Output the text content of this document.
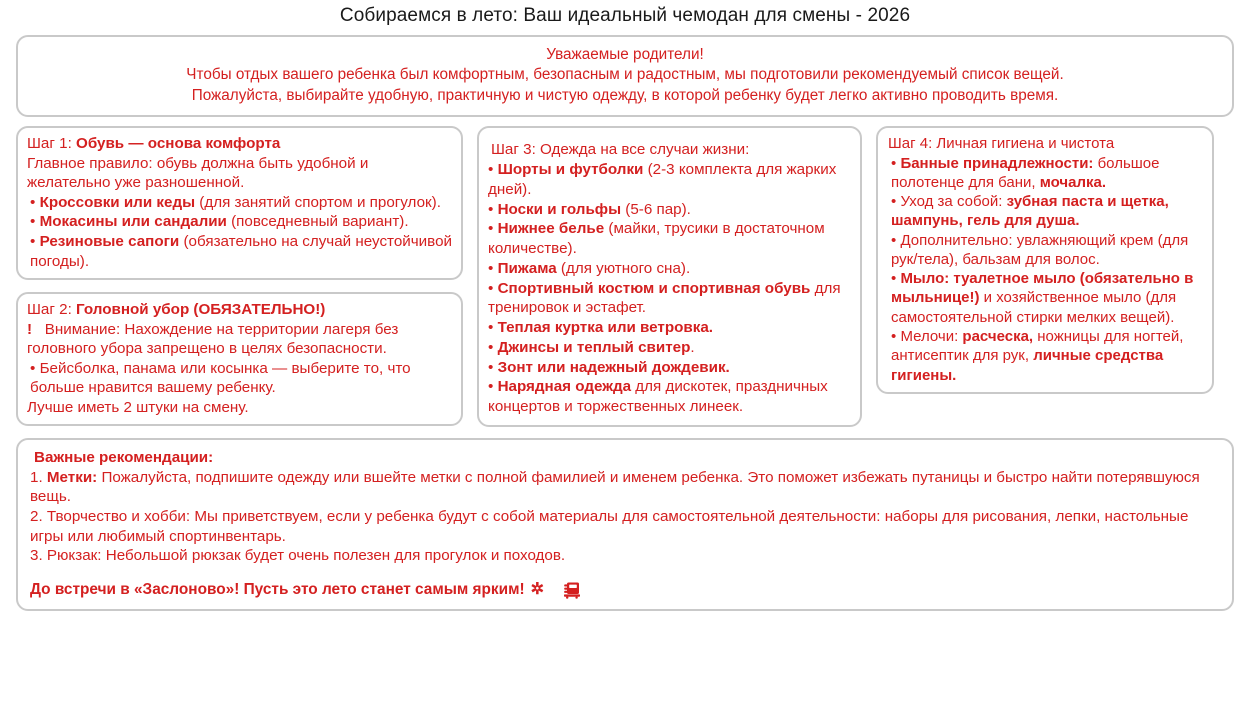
Собираемся в лето: Ваш идеальный чемодан для смены - 2026
Уважаемые родители!
Чтобы отдых вашего ребенка был комфортным, безопасным и радостным, мы подготовили рекомендуемый список вещей.
Пожалуйста, выбирайте удобную, практичную и чистую одежду, в которой ребенку будет легко активно проводить время.
Шаг 1: Обувь — основа комфорта
Главное правило: обувь должна быть удобной и желательно уже разношенной.
• Кроссовки или кеды (для занятий спортом и прогулок).
• Мокасины или сандалии (повседневный вариант).
• Резиновые сапоги (обязательно на случай неустойчивой погоды).
Шаг 2: Головной убор (ОБЯЗАТЕЛЬНО!)
! Внимание: Нахождение на территории лагеря без головного убора запрещено в целях безопасности.
• Бейсболка, панама или косынка — выберите то, что больше нравится вашему ребенку.
Лучше иметь 2 штуки на смену.
Шаг 3: Одежда на все случаи жизни:
• Шорты и футболки (2-3 комплекта для жарких дней).
• Носки и гольфы (5-6 пар).
• Нижнее белье (майки, трусики в достаточном количестве).
• Пижама (для уютного сна).
• Спортивный костюм и спортивная обувь для тренировок и эстафет.
• Теплая куртка или ветровка.
• Джинсы и теплый свитер.
• Зонт или надежный дождевик.
• Нарядная одежда для дискотек, праздничных концертов и торжественных линеек.
Шаг 4: Личная гигиена и чистота
• Банные принадлежности: большое полотенце для бани, мочалка.
• Уход за собой: зубная паста и щетка, шампунь, гель для душа.
• Дополнительно: увлажняющий крем (для рук/тела), бальзам для волос.
• Мыло: туалетное мыло (обязательно в мыльнице!) и хозяйственное мыло (для самостоятельной стирки мелких вещей).
• Мелочи: расческа, ножницы для ногтей, антисептик для рук, личные средства гигиены.
Важные рекомендации:
1. Метки: Пожалуйста, подпишите одежду или вшейте метки с полной фамилией и именем ребенка. Это поможет избежать путаницы и быстро найти потерявшуюся вещь.
2. Творчество и хобби: Мы приветствуем, если у ребенка будут с собой материалы для самостоятельной деятельности: наборы для рисования, лепки, настольные игры или любимый спортинвентарь.
3. Рюкзак: Небольшой рюкзак будет очень полезен для прогулок и походов.
До встречи в «Заслоново»! Пусть это лето станет самым ярким! ✲
